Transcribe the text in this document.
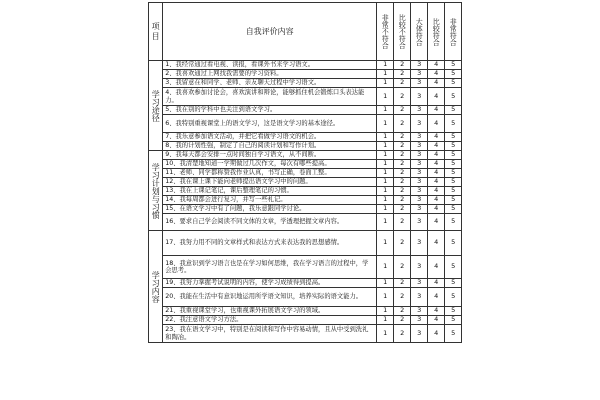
项目	自我评价内容	非常不符合	比较不符合	大体符合	比较符合	非常符合
学习途径	1、我经常通过看电视、读报，看课外书来学习语文。	1	2	3	4	5
	2、我喜欢通过上网找我需要的学习资料。	1	2	3	4	5
	3、我留意在和同学、老师、亲友聊天过程中学习语文。	1	2	3	4	5
	4、我喜欢参加讨论会，喜欢演讲和辩论，能够抓住机会锻炼口头表达能力。	1	2	3	4	5
	5、我在别的学科中也关注到语文学习。	1	2	3	4	5
	6、我特别重视课堂上的语文学习，这是语文学习的基本途径。	1	2	3	4	5
	7、我乐意参加语文活动，并把它看做学习语文的机会。	1	2	3	4	5
	8、我的计划性强，制定了自己的阅读计划和写作计划。	1	2	3	4	5
学习计划与习惯	9、我每天都会安排一点时间独自学习语文，从不间断。	1	2	3	4	5
	10、我清楚地知道一学期做过几次作文，每次有哪些提高。	1	2	3	4	5
	11、老师、同学都称赞我作业认真，书写正确，卷面工整。	1	2	3	4	5
	12、我在课上课下能向老师提出语文学习中的问题。	1	2	3	4	5
	13、我在上课记笔记，课后整理笔记的习惯。	1	2	3	4	5
	14、我每周都会进行复习，并写一些札记。	1	2	3	4	5
	15、在语文学习中有了问题，我乐意跟同学讨论。	1	2	3	4	5
	16、要求自己学会阅读不同文体的文章，学透理把握文章内容。	1	2	3	4	5
学习内容	17、我努力用不同的文章样式和表达方式来表达我的思想感情。	1	2	3	4	5
	18、我意识到学习语言也是在学习如何思维，我在学习语言的过程中，学会思考。	1	2	3	4	5
	19、我努力掌握考试说明的内容，使学习成绩得到提高。	1	2	3	4	5
	20、我能在生活中有意识地运用所学语文知识，培养实际的语文能力。	1	2	3	4	5
	21、我重视课堂学习，也重视课外拓展语文学习的领域。	1	2	3	4	5
	22、我注意语文学习方法。	1	2	3	4	5
	23、我在语文学习中，特别是在阅读和写作中容易动情，且从中受到洗礼和陶冶。	1	2	3	4	5
